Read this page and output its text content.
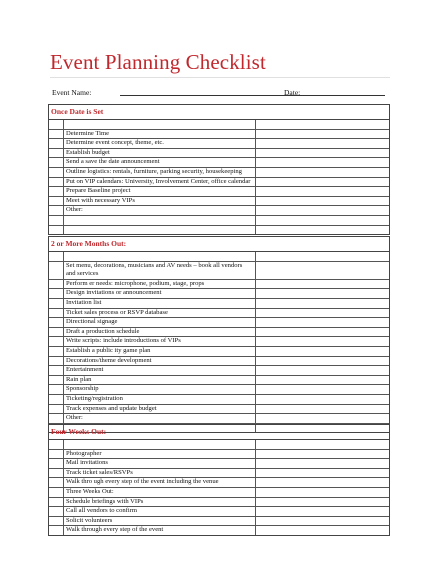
Event Planning Checklist
Event Name:	Date:
Once Date is Set

	Determine Time	
	Determine event concept, theme, etc.	
	Establish budget	
	Send a save the date announcement	
	Outline logistics: rentals, furniture, parking security, housekeeping	
	Put on VIP calendars: University, Involvement Center, office calendar	
	Prepare Baseline project	
	Meet with necessary VIPs	
	Other:	

2 or More Months Out:

	Set menu, decorations, musicians and AV needs – book all vendors and services	
	Perform er needs: microphone, podium, stage, props	
	Design invitations or announcement	
	Invitation list	
	Ticket sales process or RSVP database	
	Directional signage	
	Draft a production schedule	
	Write scripts: include introductions of VIPs	
	Establish a public ity game plan	
	Decorations/theme development	
	Entertainment	
	Rain plan	
	Sponsorship	
	Ticketing/registration	
	Track expenses and update budget	
	Other:	

Four Weeks Out:

	Photographer	
	Mail invitations	
	Track ticket sales/RSVPs	
	Walk thro ugh every step of the event including the venue	
	Three Weeks Out:	
	Schedule briefings with VIPs	
	Call all vendors to confirm	
	Solicit volunteers	
	Walk through every step of the event	
